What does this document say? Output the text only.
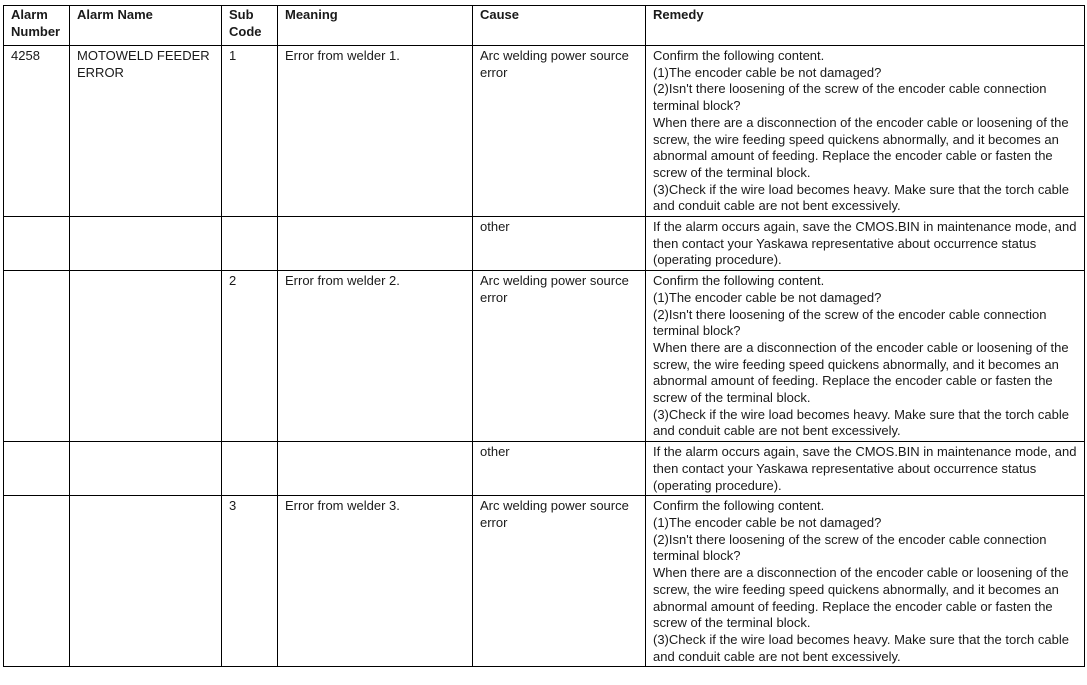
Alarm Number	Alarm Name	Sub Code	Meaning	Cause	Remedy
4258	MOTOWELD FEEDER ERROR	1	Error from welder 1.	Arc welding power source error	Confirm the following content.
(1)The encoder cable be not damaged?
(2)Isn't there loosening of the screw of the encoder cable connection terminal block?
When there are a disconnection of the encoder cable or loosening of the screw, the wire feeding speed quickens abnormally, and it becomes an abnormal amount of feeding. Replace the encoder cable or fasten the screw of the terminal block.
(3)Check if the wire load becomes heavy. Make sure that the torch cable and conduit cable are not bent excessively.

				other	If the alarm occurs again, save the CMOS.BIN in maintenance mode, and then contact your Yaskawa representative about occurrence status (operating procedure).

		2	Error from welder 2.	Arc welding power source error	Confirm the following content.
(1)The encoder cable be not damaged?
(2)Isn't there loosening of the screw of the encoder cable connection terminal block?
When there are a disconnection of the encoder cable or loosening of the screw, the wire feeding speed quickens abnormally, and it becomes an abnormal amount of feeding. Replace the encoder cable or fasten the screw of the terminal block.
(3)Check if the wire load becomes heavy. Make sure that the torch cable and conduit cable are not bent excessively.

				other	If the alarm occurs again, save the CMOS.BIN in maintenance mode, and then contact your Yaskawa representative about occurrence status (operating procedure).

		3	Error from welder 3.	Arc welding power source error	Confirm the following content.
(1)The encoder cable be not damaged?
(2)Isn't there loosening of the screw of the encoder cable connection terminal block?
When there are a disconnection of the encoder cable or loosening of the screw, the wire feeding speed quickens abnormally, and it becomes an abnormal amount of feeding. Replace the encoder cable or fasten the screw of the terminal block.
(3)Check if the wire load becomes heavy. Make sure that the torch cable and conduit cable are not bent excessively.
